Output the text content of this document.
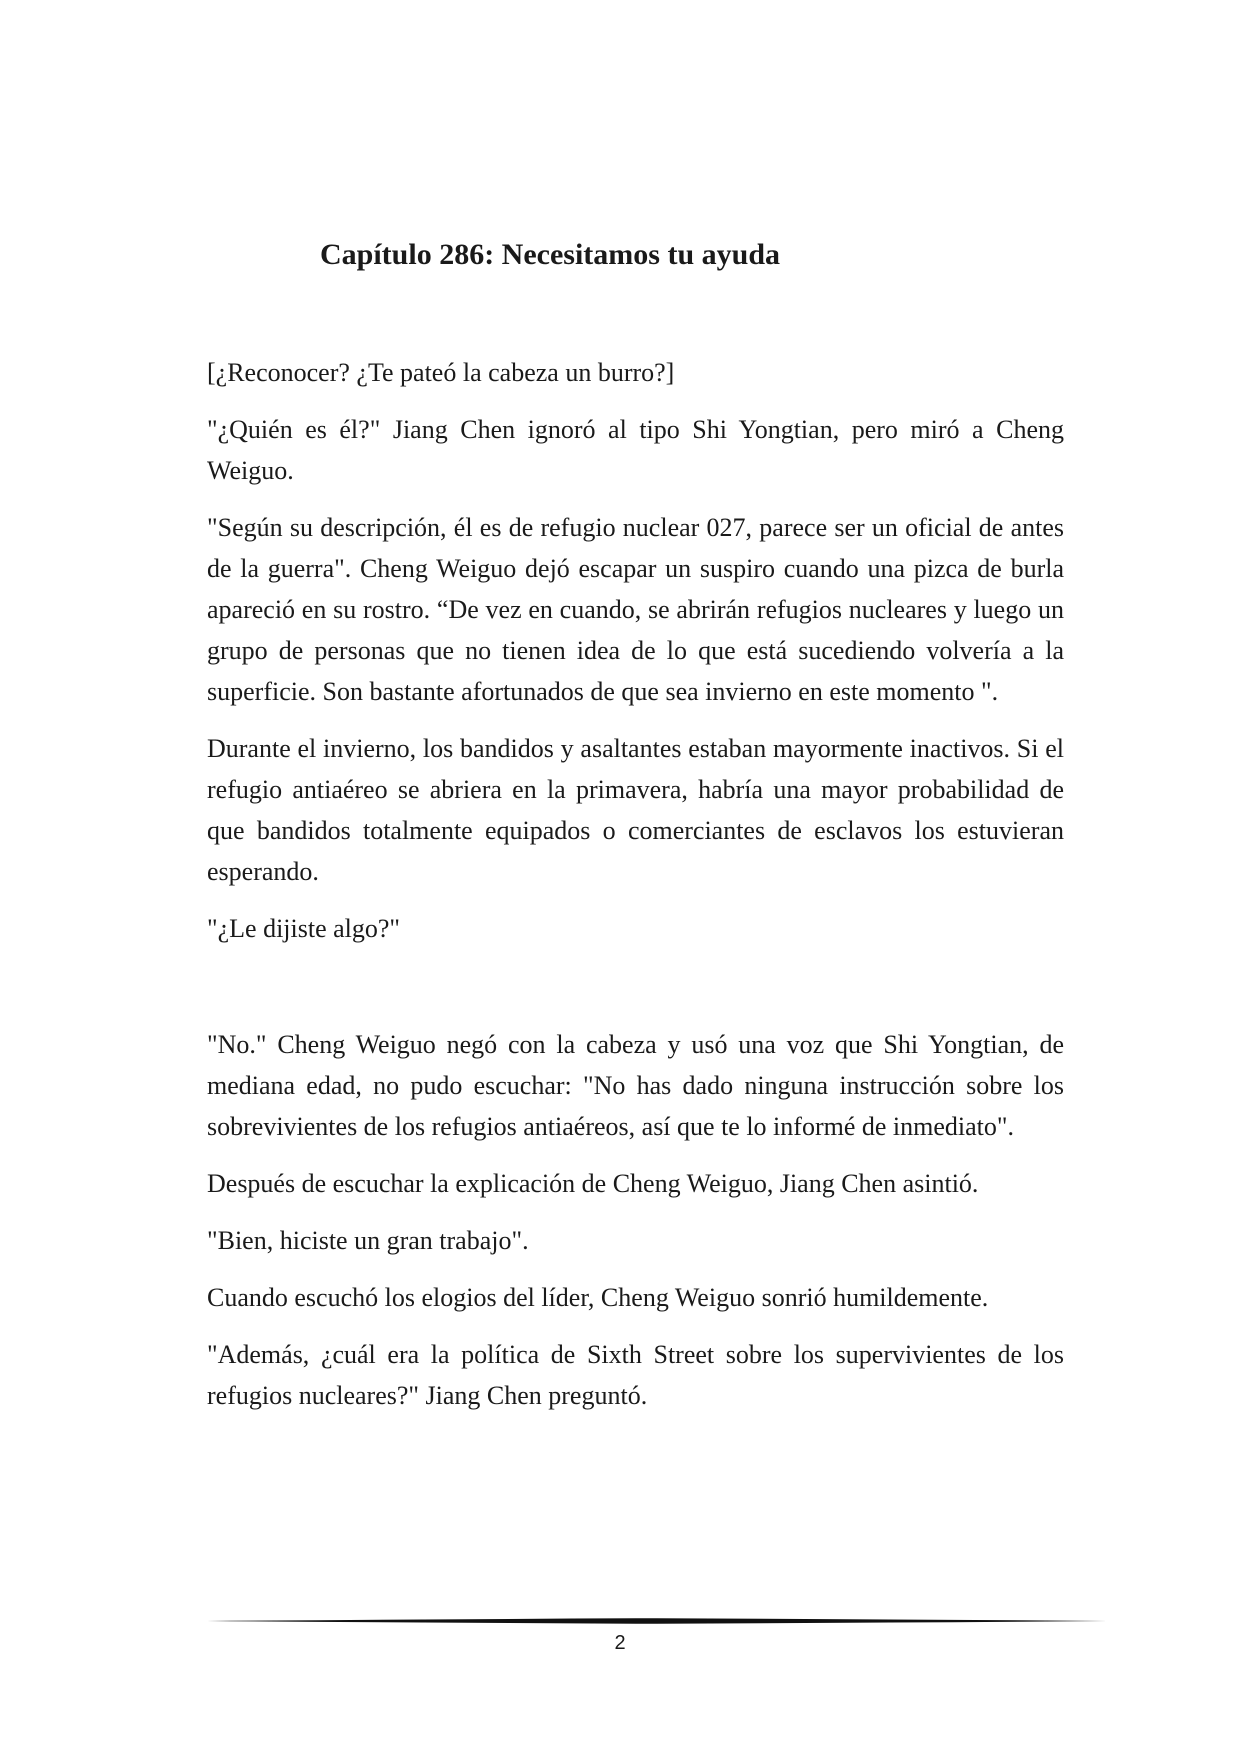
Capítulo 286: Necesitamos tu ayuda

[¿Reconocer? ¿Te pateó la cabeza un burro?]

"¿Quién es él?" Jiang Chen ignoró al tipo Shi Yongtian, pero miró a Cheng Weiguo.

"Según su descripción, él es de refugio nuclear 027, parece ser un oficial de antes de la guerra". Cheng Weiguo dejó escapar un suspiro cuando una pizca de burla apareció en su rostro. “De vez en cuando, se abrirán refugios nucleares y luego un grupo de personas que no tienen idea de lo que está sucediendo volvería a la superficie. Son bastante afortunados de que sea invierno en este momento ".

Durante el invierno, los bandidos y asaltantes estaban mayormente inactivos. Si el refugio antiaéreo se abriera en la primavera, habría una mayor probabilidad de que bandidos totalmente equipados o comerciantes de esclavos los estuvieran esperando.

"¿Le dijiste algo?"

"No." Cheng Weiguo negó con la cabeza y usó una voz que Shi Yongtian, de mediana edad, no pudo escuchar: "No has dado ninguna instrucción sobre los sobrevivientes de los refugios antiaéreos, así que te lo informé de inmediato".

Después de escuchar la explicación de Cheng Weiguo, Jiang Chen asintió.

"Bien, hiciste un gran trabajo".

Cuando escuchó los elogios del líder, Cheng Weiguo sonrió humildemente.

"Además, ¿cuál era la política de Sixth Street sobre los supervivientes de los refugios nucleares?" Jiang Chen preguntó.

2
